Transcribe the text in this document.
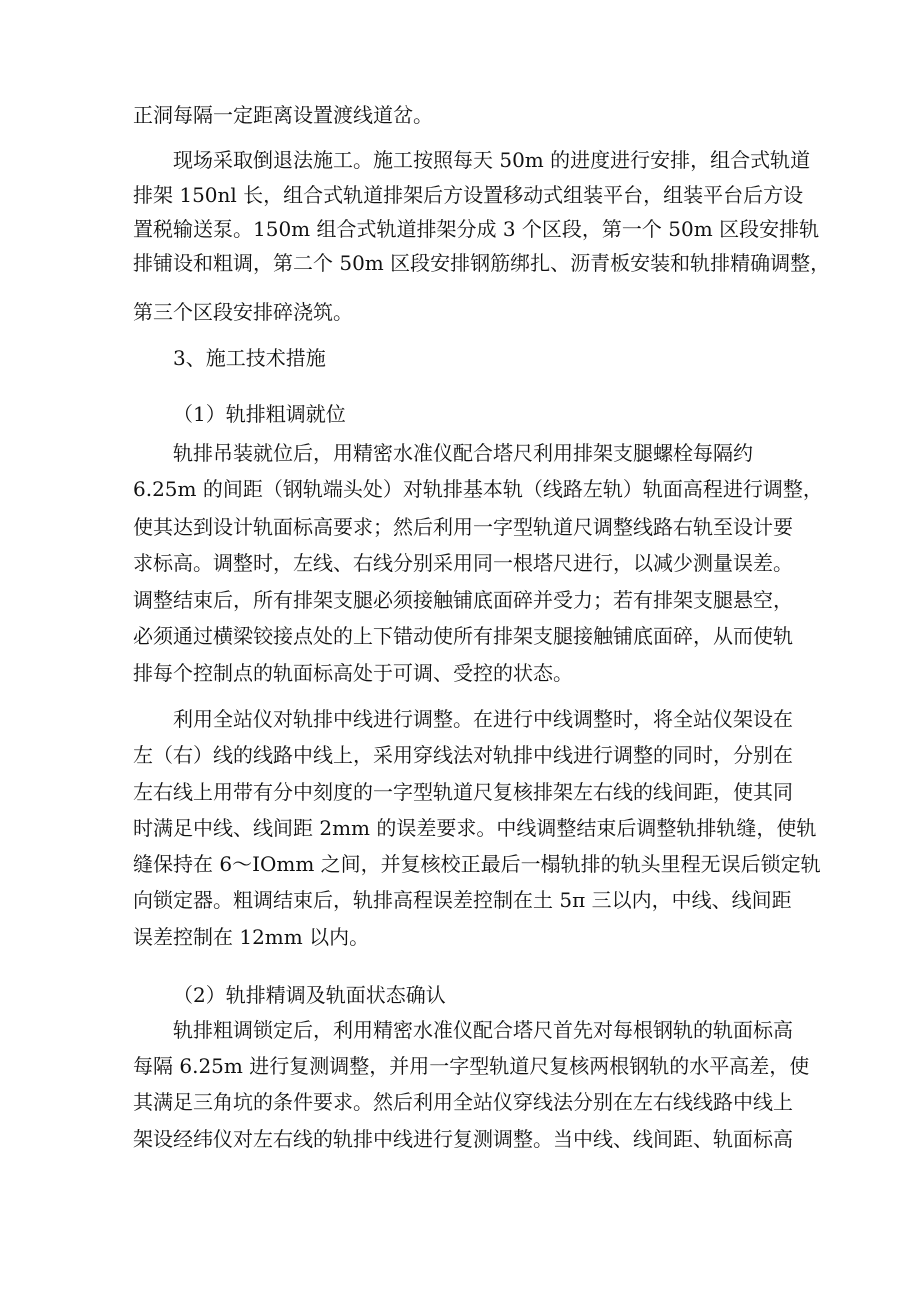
正洞每隔一定距离设置渡线道岔。
现场采取倒退法施工。施工按照每天 50m 的进度进行安排，组合式轨道
排架 150nl 长，组合式轨道排架后方设置移动式组装平台，组装平台后方设
置税输送泵。150m 组合式轨道排架分成 3 个区段，第一个 50m 区段安排轨
排铺设和粗调，第二个 50m 区段安排钢筋绑扎、沥青板安装和轨排精确调整，
第三个区段安排碎浇筑。
3、施工技术措施
（1）轨排粗调就位
轨排吊装就位后，用精密水准仪配合塔尺利用排架支腿螺栓每隔约
6.25m 的间距（钢轨端头处）对轨排基本轨（线路左轨）轨面高程进行调整，
使其达到设计轨面标高要求；然后利用一字型轨道尺调整线路右轨至设计要
求标高。调整时，左线、右线分别采用同一根塔尺进行，以减少测量误差。
调整结束后，所有排架支腿必须接触铺底面碎并受力；若有排架支腿悬空，
必须通过横梁铰接点处的上下错动使所有排架支腿接触铺底面碎，从而使轨
排每个控制点的轨面标高处于可调、受控的状态。
利用全站仪对轨排中线进行调整。在进行中线调整时，将全站仪架设在
左（右）线的线路中线上，采用穿线法对轨排中线进行调整的同时，分别在
左右线上用带有分中刻度的一字型轨道尺复核排架左右线的线间距，使其同
时满足中线、线间距 2mm 的误差要求。中线调整结束后调整轨排轨缝，使轨
缝保持在 6～IOmm 之间，并复核校正最后一榻轨排的轨头里程无误后锁定轨
向锁定器。粗调结束后，轨排高程误差控制在土 5π 三以内，中线、线间距
误差控制在 12mm 以内。
（2）轨排精调及轨面状态确认
轨排粗调锁定后，利用精密水准仪配合塔尺首先对每根钢轨的轨面标高
每隔 6.25m 进行复测调整，并用一字型轨道尺复核两根钢轨的水平高差，使
其满足三角坑的条件要求。然后利用全站仪穿线法分别在左右线线路中线上
架设经纬仪对左右线的轨排中线进行复测调整。当中线、线间距、轨面标高
